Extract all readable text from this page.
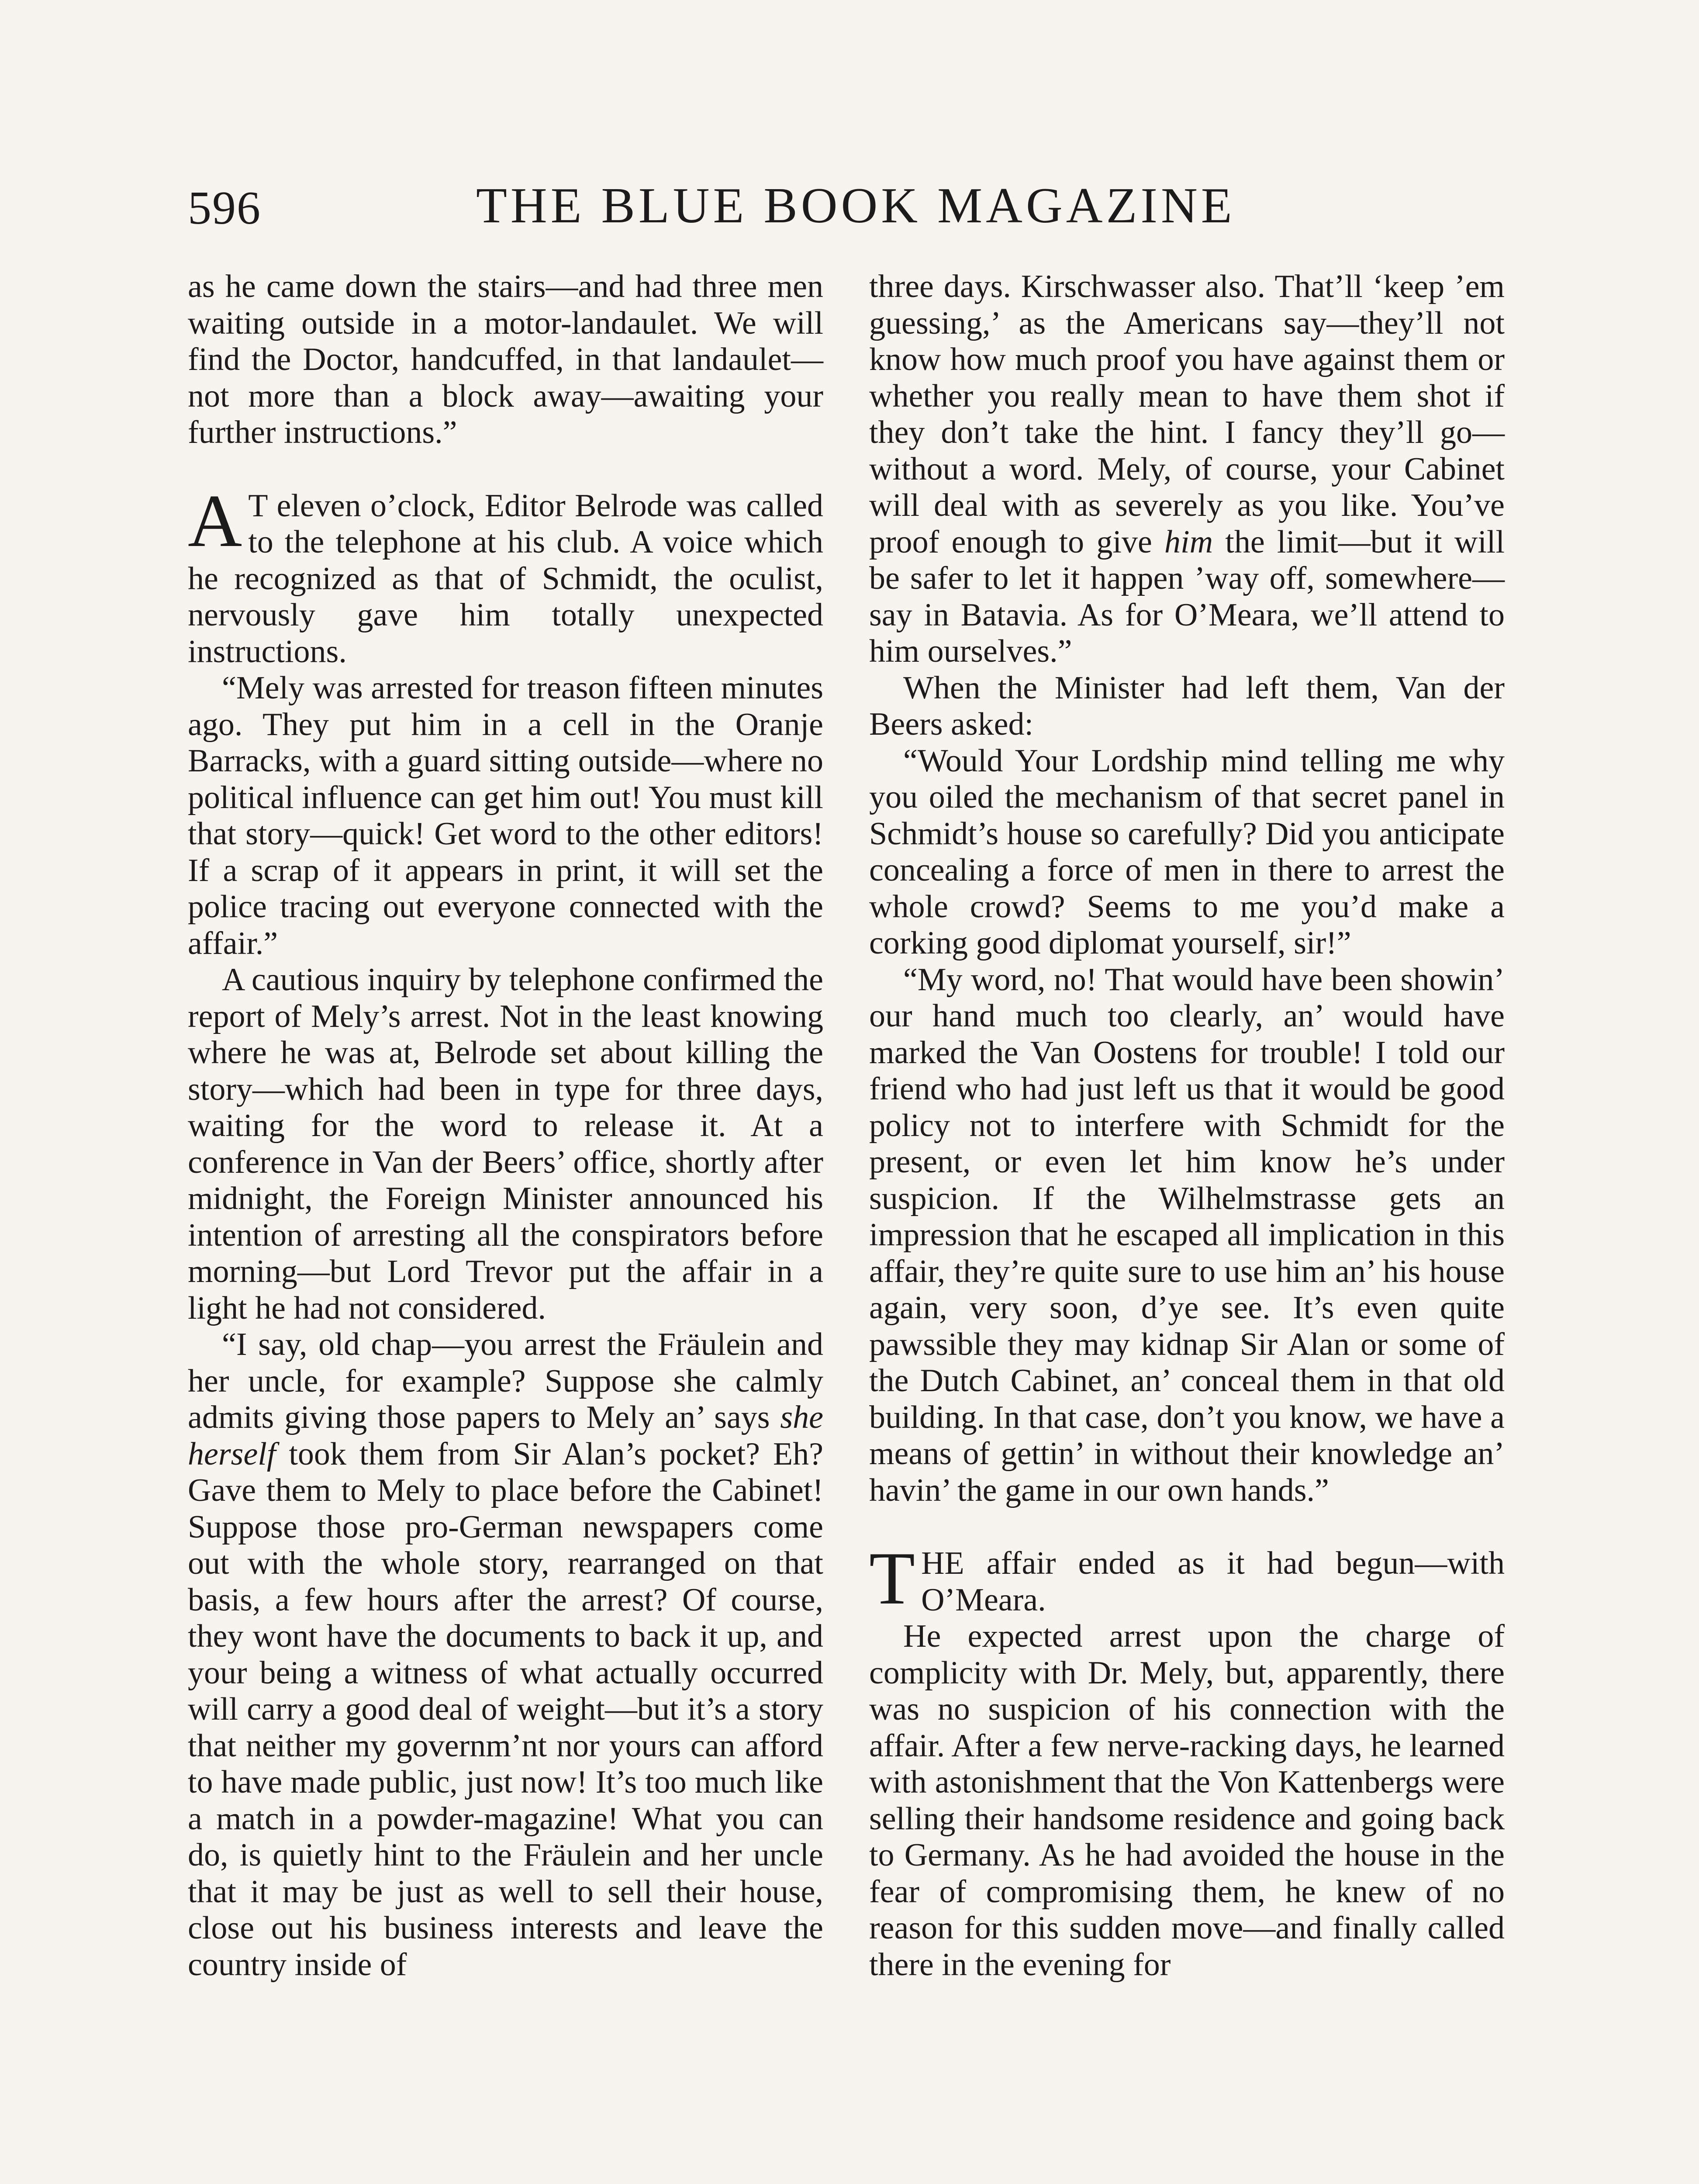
596	THE BLUE BOOK MAGAZINE

as he came down the stairs—and had three men waiting outside in a motor-landaulet. We will find the Doctor, handcuffed, in that landaulet—not more than a block away—awaiting your further instructions.”

A T eleven o’clock, Editor Belrode was called to the telephone at his club. A voice which he recognized as that of Schmidt, the oculist, nervously gave him totally unexpected instructions.

“Mely was arrested for treason fifteen minutes ago. They put him in a cell in the Oranje Barracks, with a guard sitting outside—where no political influence can get him out! You must kill that story—quick! Get word to the other editors! If a scrap of it appears in print, it will set the police tracing out everyone connected with the affair.”

A cautious inquiry by telephone confirmed the report of Mely’s arrest. Not in the least knowing where he was at, Belrode set about killing the story—which had been in type for three days, waiting for the word to release it. At a conference in Van der Beers’ office, shortly after midnight, the Foreign Minister announced his intention of arresting all the conspirators before morning—but Lord Trevor put the affair in a light he had not considered.

“I say, old chap—you arrest the Fräulein and her uncle, for example? Suppose she calmly admits giving those papers to Mely an’ says she herself took them from Sir Alan’s pocket? Eh? Gave them to Mely to place before the Cabinet! Suppose those pro-German newspapers come out with the whole story, rearranged on that basis, a few hours after the arrest? Of course, they wont have the documents to back it up, and your being a witness of what actually occurred will carry a good deal of weight—but it’s a story that neither my governm’nt nor yours can afford to have made public, just now! It’s too much like a match in a powder-magazine! What you can do, is quietly hint to the Fräulein and her uncle that it may be just as well to sell their house, close out his business interests and leave the country inside of

three days. Kirschwasser also. That’ll ‘keep ’em guessing,’ as the Americans say—they’ll not know how much proof you have against them or whether you really mean to have them shot if they don’t take the hint. I fancy they’ll go—without a word. Mely, of course, your Cabinet will deal with as severely as you like. You’ve proof enough to give him the limit—but it will be safer to let it happen ’way off, somewhere—say in Batavia. As for O’Meara, we’ll attend to him ourselves.”

When the Minister had left them, Van der Beers asked:

“Would Your Lordship mind telling me why you oiled the mechanism of that secret panel in Schmidt’s house so carefully? Did you anticipate concealing a force of men in there to arrest the whole crowd? Seems to me you’d make a corking good diplomat yourself, sir!”

“My word, no! That would have been showin’ our hand much too clearly, an’ would have marked the Van Oostens for trouble! I told our friend who had just left us that it would be good policy not to interfere with Schmidt for the present, or even let him know he’s under suspicion. If the Wilhelmstrasse gets an impression that he escaped all implication in this affair, they’re quite sure to use him an’ his house again, very soon, d’ye see. It’s even quite pawssible they may kidnap Sir Alan or some of the Dutch Cabinet, an’ conceal them in that old building. In that case, don’t you know, we have a means of gettin’ in without their knowledge an’ havin’ the game in our own hands.”

THE affair ended as it had begun—with O’Meara.

He expected arrest upon the charge of complicity with Dr. Mely, but, apparently, there was no suspicion of his connection with the affair. After a few nerve-racking days, he learned with astonishment that the Von Kattenbergs were selling their handsome residence and going back to Germany. As he had avoided the house in the fear of compromising them, he knew of no reason for this sudden move—and finally called there in the evening for
